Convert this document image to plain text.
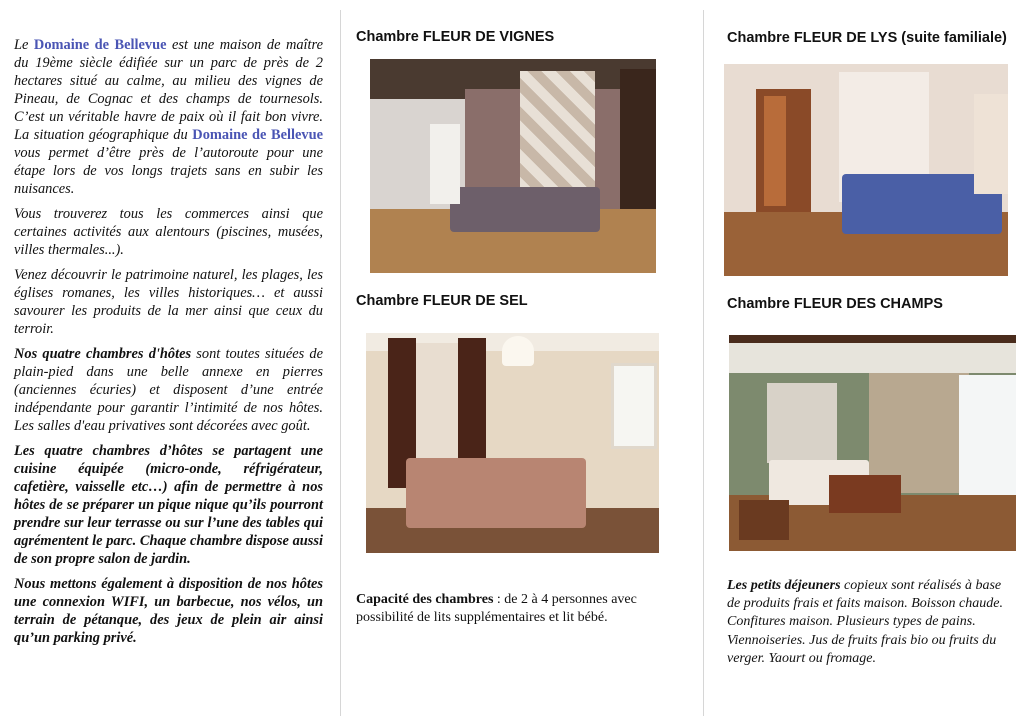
Le Domaine de Bellevue est une maison de maître du 19ème siècle édifiée sur un parc de près de 2 hectares situé au calme, au milieu des vignes de Pineau, de Cognac et des champs de tournesols. C’est un véritable havre de paix où il fait bon vivre. La situation géographique du Domaine de Bellevue vous permet d’être près de l’autoroute pour une étape lors de vos longs trajets sans en subir les nuisances.

Vous trouverez tous les commerces ainsi que certaines activités aux alentours (piscines, musées, villes thermales...).

Venez découvrir le patrimoine naturel, les plages, les églises romanes, les villes historiques… et aussi savourer les produits de la mer ainsi que ceux du terroir.

Nos quatre chambres d'hôtes sont toutes situées de plain-pied dans une belle annexe en pierres (anciennes écuries) et disposent d’une entrée indépendante pour garantir l’intimité de nos hôtes. Les salles d'eau privatives sont décorées avec goût.

Les quatre chambres d’hôtes se partagent une cuisine équipée (micro-onde, réfrigérateur, cafetière, vaisselle etc…) afin de permettre à nos hôtes de se préparer un pique nique qu’ils pourront prendre sur leur terrasse ou sur l’une des tables qui agrémentent le parc. Chaque chambre dispose aussi de son propre salon de jardin.

Nous mettons également à disposition de nos hôtes une connexion WIFI, un barbecue, nos vélos, un terrain de pétanque, des jeux de plein air ainsi qu’un parking privé.

Chambre FLEUR DE VIGNES
Chambre FLEUR DE SEL
Capacité des chambres : de 2 à 4 personnes avec
possibilité de lits supplémentaires et lit bébé.
Chambre FLEUR DE LYS (suite familiale)
Chambre FLEUR DES CHAMPS
Les petits déjeuners copieux sont réalisés à base
de produits frais et faits maison. Boisson chaude.
Confitures maison. Plusieurs types de pains.
Viennoiseries. Jus de fruits frais bio ou fruits du
verger. Yaourt ou fromage.
